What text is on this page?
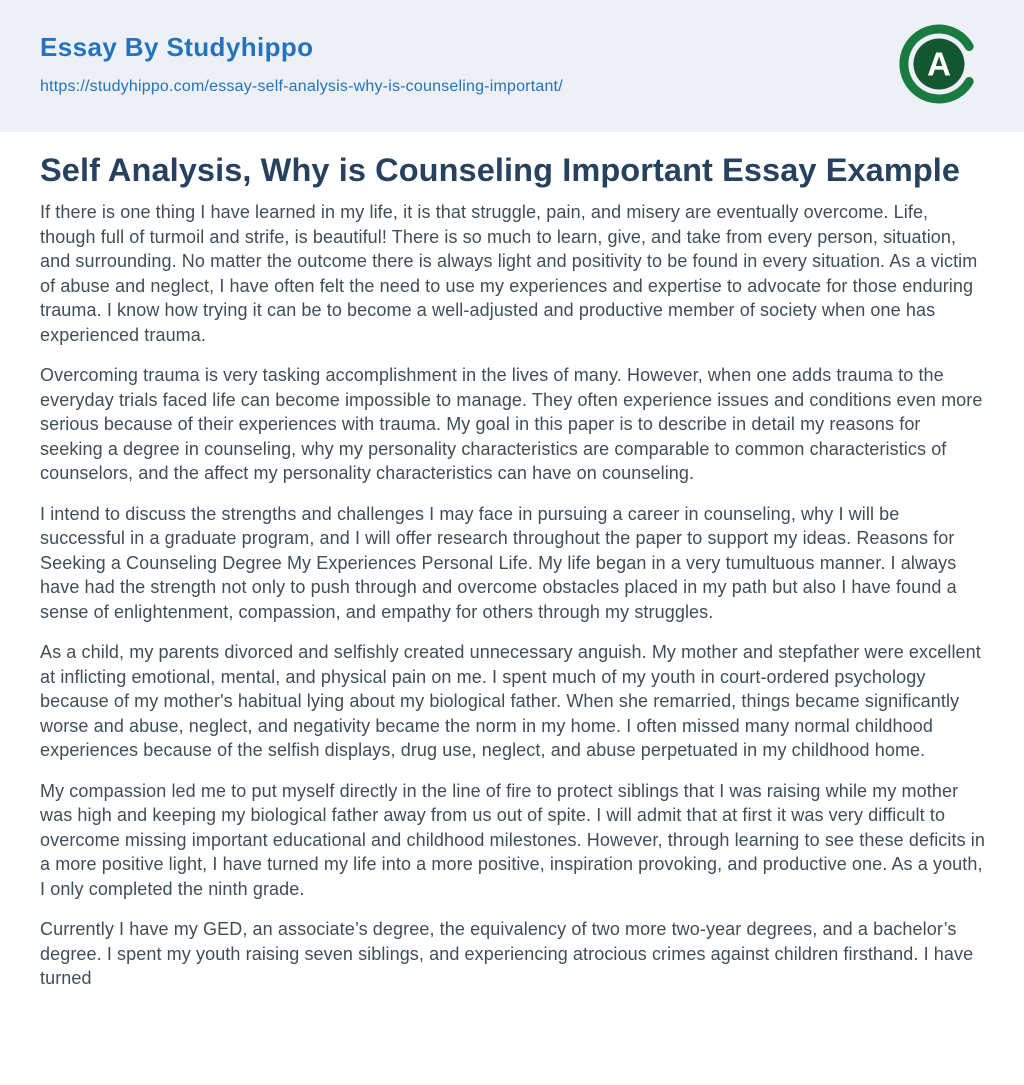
Essay By Studyhippo
https://studyhippo.com/essay-self-analysis-why-is-counseling-important/
A
Self Analysis, Why is Counseling Important Essay Example

If there is one thing I have learned in my life, it is that struggle, pain, and misery are eventually overcome. Life, though full of turmoil and strife, is beautiful! There is so much to learn, give, and take from every person, situation, and surrounding. No matter the outcome there is always light and positivity to be found in every situation. As a victim of abuse and neglect, I have often felt the need to use my experiences and expertise to advocate for those enduring trauma. I know how trying it can be to become a well-adjusted and productive member of society when one has experienced trauma.

Overcoming trauma is very tasking accomplishment in the lives of many. However, when one adds trauma to the everyday trials faced life can become impossible to manage. They often experience issues and conditions even more serious because of their experiences with trauma. My goal in this paper is to describe in detail my reasons for seeking a degree in counseling, why my personality characteristics are comparable to common characteristics of counselors, and the affect my personality characteristics can have on counseling.

I intend to discuss the strengths and challenges I may face in pursuing a career in counseling, why I will be successful in a graduate program, and I will offer research throughout the paper to support my ideas. Reasons for Seeking a Counseling Degree My Experiences Personal Life. My life began in a very tumultuous manner. I always have had the strength not only to push through and overcome obstacles placed in my path but also I have found a sense of enlightenment, compassion, and empathy for others through my struggles.

As a child, my parents divorced and selfishly created unnecessary anguish. My mother and stepfather were excellent at inflicting emotional, mental, and physical pain on me. I spent much of my youth in court-ordered psychology because of my mother's habitual lying about my biological father. When she remarried, things became significantly worse and abuse, neglect, and negativity became the norm in my home. I often missed many normal childhood experiences because of the selfish displays, drug use, neglect, and abuse perpetuated in my childhood home.

My compassion led me to put myself directly in the line of fire to protect siblings that I was raising while my mother was high and keeping my biological father away from us out of spite. I will admit that at first it was very difficult to overcome missing important educational and childhood milestones. However, through learning to see these deficits in a more positive light, I have turned my life into a more positive, inspiration provoking, and productive one. As a youth, I only completed the ninth grade.

Currently I have my GED, an associate’s degree, the equivalency of two more two-year degrees, and a bachelor’s degree. I spent my youth raising seven siblings, and experiencing atrocious crimes against children firsthand. I have turned
